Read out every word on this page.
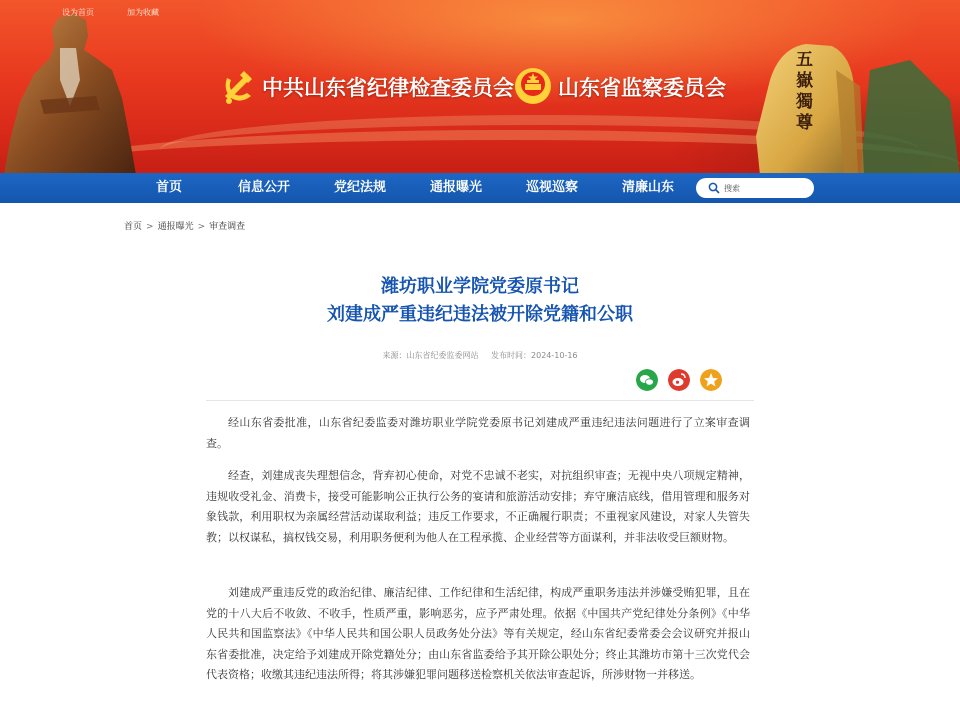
五嶽獨尊
中共山东省纪律检查委员会 山东省监察委员会
设为首页	加为收藏
首页	信息公开	党纪法规	通报曝光	巡视巡察	清廉山东
搜索
首页 > 通报曝光 > 审查调查
潍坊职业学院党委原书记
刘建成严重违纪违法被开除党籍和公职
来源：山东省纪委监委网站 发布时间：2024-10-16

经山东省委批准，山东省纪委监委对潍坊职业学院党委原书记刘建成严重违纪违法问题进行了立案审查调查。

经查，刘建成丧失理想信念，背弃初心使命，对党不忠诚不老实，对抗组织审查；无视中央八项规定精神，违规收受礼金、消费卡，接受可能影响公正执行公务的宴请和旅游活动安排；弃守廉洁底线，借用管理和服务对象钱款，利用职权为亲属经营活动谋取利益；违反工作要求，不正确履行职责；不重视家风建设，对家人失管失教；以权谋私，搞权钱交易，利用职务便利为他人在工程承揽、企业经营等方面谋利，并非法收受巨额财物。

刘建成严重违反党的政治纪律、廉洁纪律、工作纪律和生活纪律，构成严重职务违法并涉嫌受贿犯罪，且在党的十八大后不收敛、不收手，性质严重，影响恶劣，应予严肃处理。依据《中国共产党纪律处分条例》《中华人民共和国监察法》《中华人民共和国公职人员政务处分法》等有关规定，经山东省纪委常委会会议研究并报山东省委批准，决定给予刘建成开除党籍处分；由山东省监委给予其开除公职处分；终止其潍坊市第十三次党代会代表资格；收缴其违纪违法所得；将其涉嫌犯罪问题移送检察机关依法审查起诉，所涉财物一并移送。
